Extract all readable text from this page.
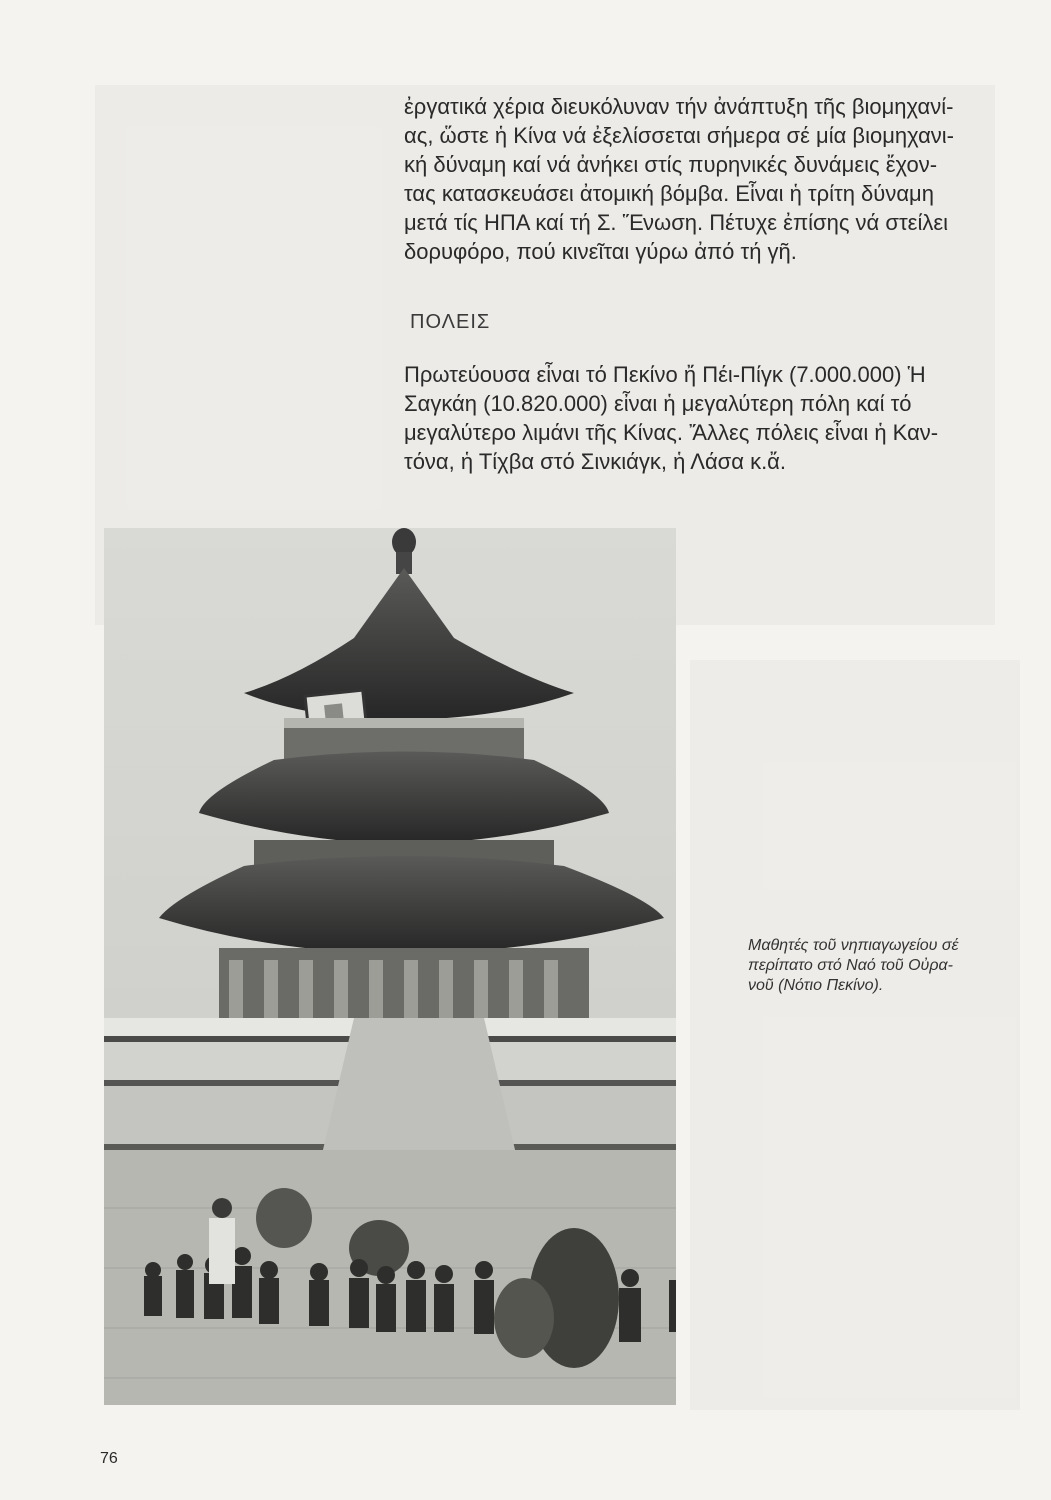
ἐργατικά χέρια διευκόλυναν τήν ἀνάπτυξη τῆς βιομηχανί-
ας, ὥστε ἡ Κίνα νά ἐξελίσσεται σήμερα σέ μία βιομηχανι-
κή δύναμη καί νά ἀνήκει στίς πυρηνικές δυνάμεις ἔχον-
τας κατασκευάσει ἀτομική βόμβα. Εἶναι ἡ τρίτη δύναμη
μετά τίς ΗΠΑ καί τή Σ. Ἕνωση. Πέτυχε ἐπίσης νά στείλει
δορυφόρο, πού κινεῖται γύρω ἀπό τή γῆ.
ΠΟΛΕΙΣ
Πρωτεύουσα εἶναι τό Πεκίνο ἤ Πέι-Πίγκ (7.000.000) Ἡ
Σαγκάη (10.820.000) εἶναι ἡ μεγαλύτερη πόλη καί τό
μεγαλύτερο λιμάνι τῆς Κίνας. Ἄλλες πόλεις εἶναι ἡ Καν-
τόνα, ἡ Τίχβα στό Σινκιάγκ, ἡ Λάσα κ.ἄ.
Μαθητές τοῦ νηπιαγωγείου σέ
περίπατο στό Ναό τοῦ Οὐρα-
νοῦ (Νότιο Πεκίνο).

76
